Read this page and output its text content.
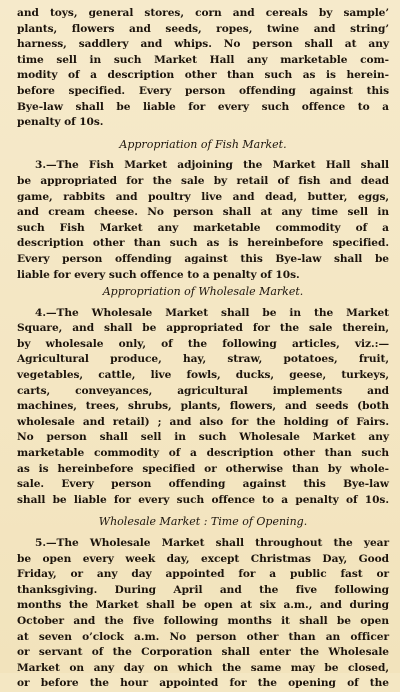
and toys, general stores, corn and cereals by sample’
plants, flowers and seeds, ropes, twine and string’
harness, saddlery and whips. No person shall at any
time sell in such Market Hall any marketable com-
modity of a description other than such as is herein-
before specified. Every person offending against this
Bye-law shall be liable for every such offence to a
penalty of 10s.
Appropriation of Fish Market.
3.—The Fish Market adjoining the Market Hall shall
be appropriated for the sale by retail of fish and dead
game, rabbits and poultry live and dead, butter, eggs,
and cream cheese. No person shall at any time sell in
such Fish Market any marketable commodity of a
description other than such as is hereinbefore specified.
Every person offending against this Bye-law shall be
liable for every such offence to a penalty of 10s.
Appropriation of Wholesale Market.
4.—The Wholesale Market shall be in the Market
Square, and shall be appropriated for the sale therein,
by wholesale only, of the following articles, viz.:—
Agricultural produce, hay, straw, potatoes, fruit,
vegetables, cattle, live fowls, ducks, geese, turkeys,
carts, conveyances, agricultural implements and
machines, trees, shrubs, plants, flowers, and seeds (both
wholesale and retail) ; and also for the holding of Fairs.
No person shall sell in such Wholesale Market any
marketable commodity of a description other than such
as is hereinbefore specified or otherwise than by whole-
sale. Every person offending against this Bye-law
shall be liable for every such offence to a penalty of 10s.
Wholesale Market : Time of Opening.
5.—The Wholesale Market shall throughout the year
be open every week day, except Christmas Day, Good
Friday, or any day appointed for a public fast or
thanksgiving. During April and the five following
months the Market shall be open at six a.m., and during
October and the five following months it shall be open
at seven o’clock a.m. No person other than an officer
or servant of the Corporation shall enter the Wholesale
Market on any day on which the same may be closed,
or before the hour appointed for the opening of the
